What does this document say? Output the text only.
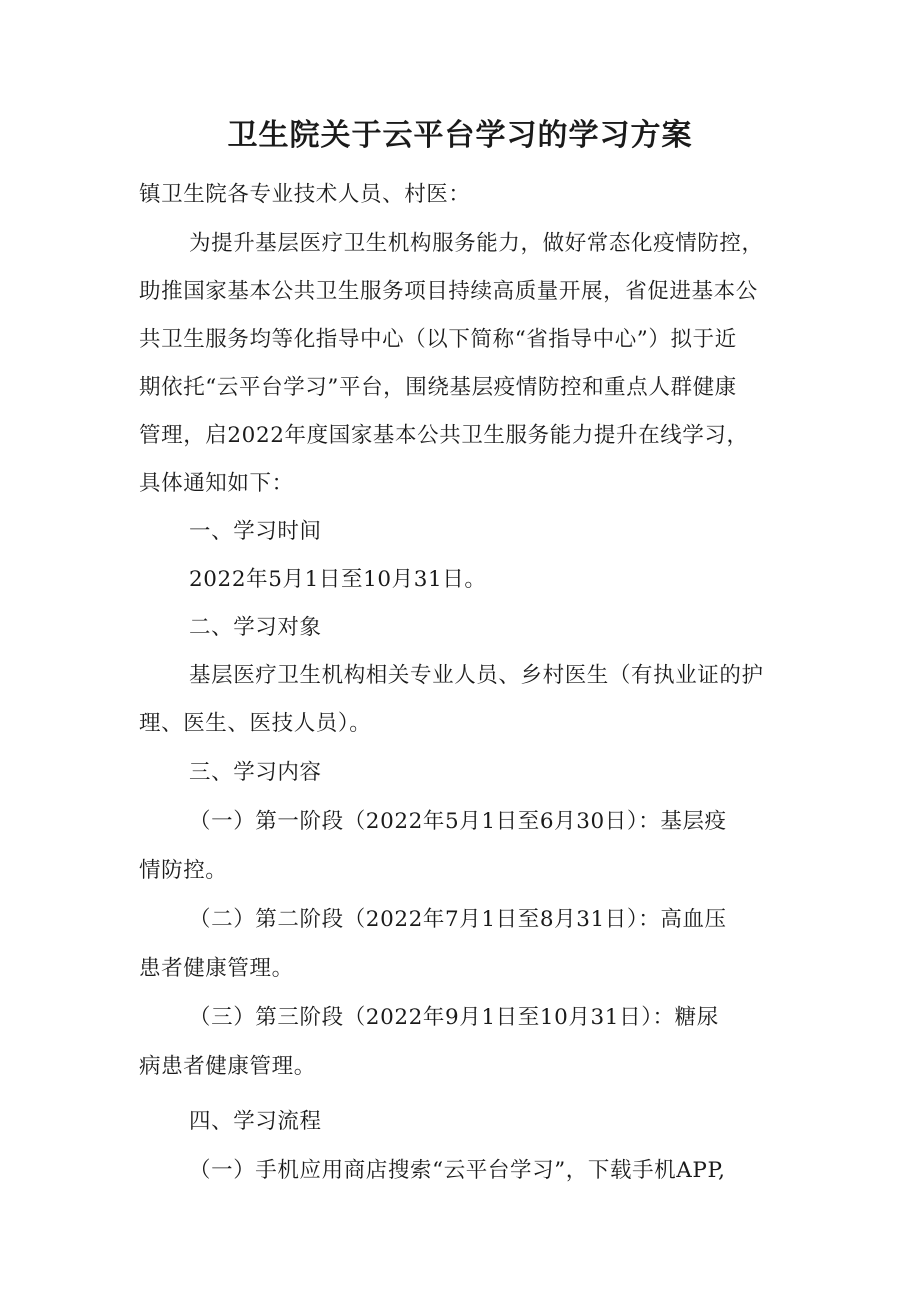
卫生院关于云平台学习的学习方案
镇卫生院各专业技术人员、村医：
为提升基层医疗卫生机构服务能力，做好常态化疫情防控，
助推国家基本公共卫生服务项目持续高质量开展，省促进基本公
共卫生服务均等化指导中心（以下简称“省指导中心”）拟于近
期依托“云平台学习”平台，围绕基层疫情防控和重点人群健康
管理，启2022年度国家基本公共卫生服务能力提升在线学习，
具体通知如下：
一、学习时间
2022年5月1日至10月31日。
二、学习对象
基层医疗卫生机构相关专业人员、乡村医生（有执业证的护
理、医生、医技人员）。
三、学习内容
（一）第一阶段（2022年5月1日至6月30日）：基层疫
情防控。
（二）第二阶段（2022年7月1日至8月31日）：高血压
患者健康管理。
（三）第三阶段（2022年9月1日至10月31日）：糖尿
病患者健康管理。
四、学习流程
（一）手机应用商店搜索“云平台学习”，下载手机APP,
